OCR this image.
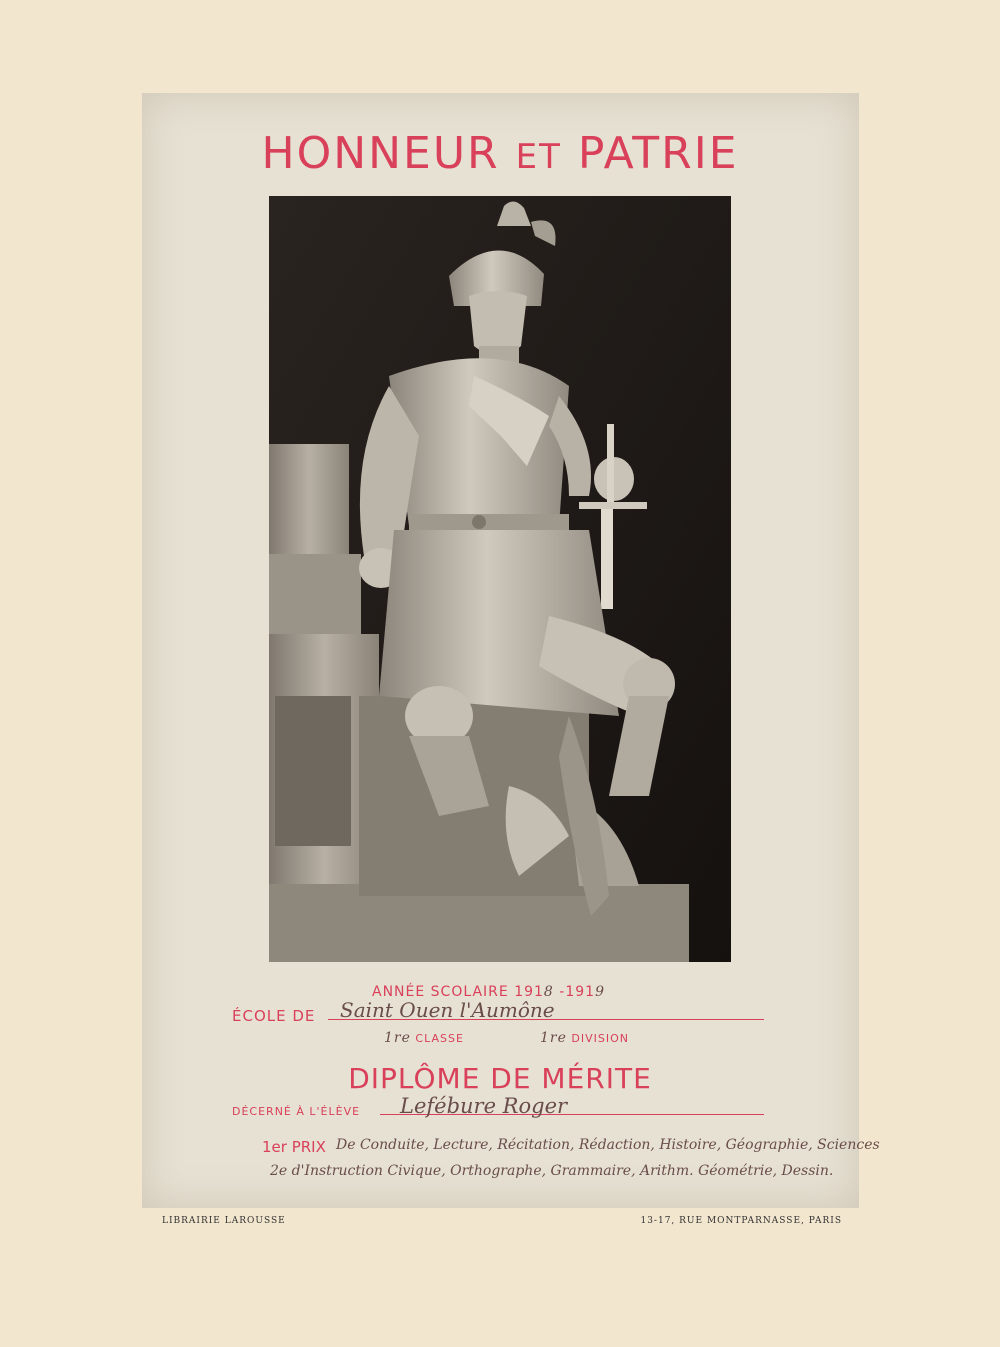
HONNEUR ET PATRIE
ANNÉE SCOLAIRE 1918 -1919
ÉCOLE DE Saint Ouen l'Aumône
1re CLASSE	1re DIVISION
DIPLÔME DE MÉRITE
DÉCERNÉ À L'ÉLÈVE Lefébure Roger
1er PRIX De Conduite, Lecture, Récitation, Rédaction, Histoire, Géographie, Sciences
2e d'Instruction Civique, Orthographe, Grammaire, Arithm. Géométrie, Dessin.
LIBRAIRIE LAROUSSE	13-17, RUE MONTPARNASSE, PARIS
